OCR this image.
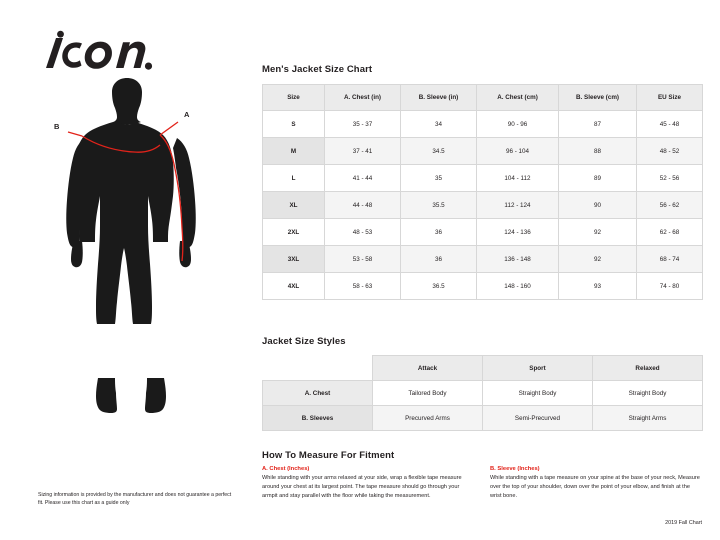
A
B
Sizing information is provided by the manufacturer and does not guarantee a perfect fit. Please use this chart as a guide only
Men's Jacket Size Chart
Size	A. Chest (in)	B. Sleeve (in)	A. Chest (cm)	B. Sleeve (cm)	EU Size
S	35 - 37	34	90 - 96	87	45 - 48
M	37 - 41	34.5	96 - 104	88	48 - 52
L	41 - 44	35	104 - 112	89	52 - 56
XL	44 - 48	35.5	112 - 124	90	56 - 62
2XL	48 - 53	36	124 - 136	92	62 - 68
3XL	53 - 58	36	136 - 148	92	68 - 74
4XL	58 - 63	36.5	148 - 160	93	74 - 80
Jacket Size Styles
	Attack	Sport	Relaxed
A. Chest	Tailored Body	Straight Body	Straight Body
B. Sleeves	Precurved Arms	Semi-Precurved	Straight Arms
How To Measure For Fitment
A. Chest (Inches)
While standing with your arms relaxed at your side, wrap a flexible tape measure around your chest at its largest point. The tape measure should go through your armpit and stay parallel with the floor while taking the measurement.
B. Sleeve (Inches)
While standing with a tape measure on your spine at the base of your neck, Measure over the top of your shoulder, down over the point of your elbow, and finish at the wrist bone.
2019 Fall Chart
